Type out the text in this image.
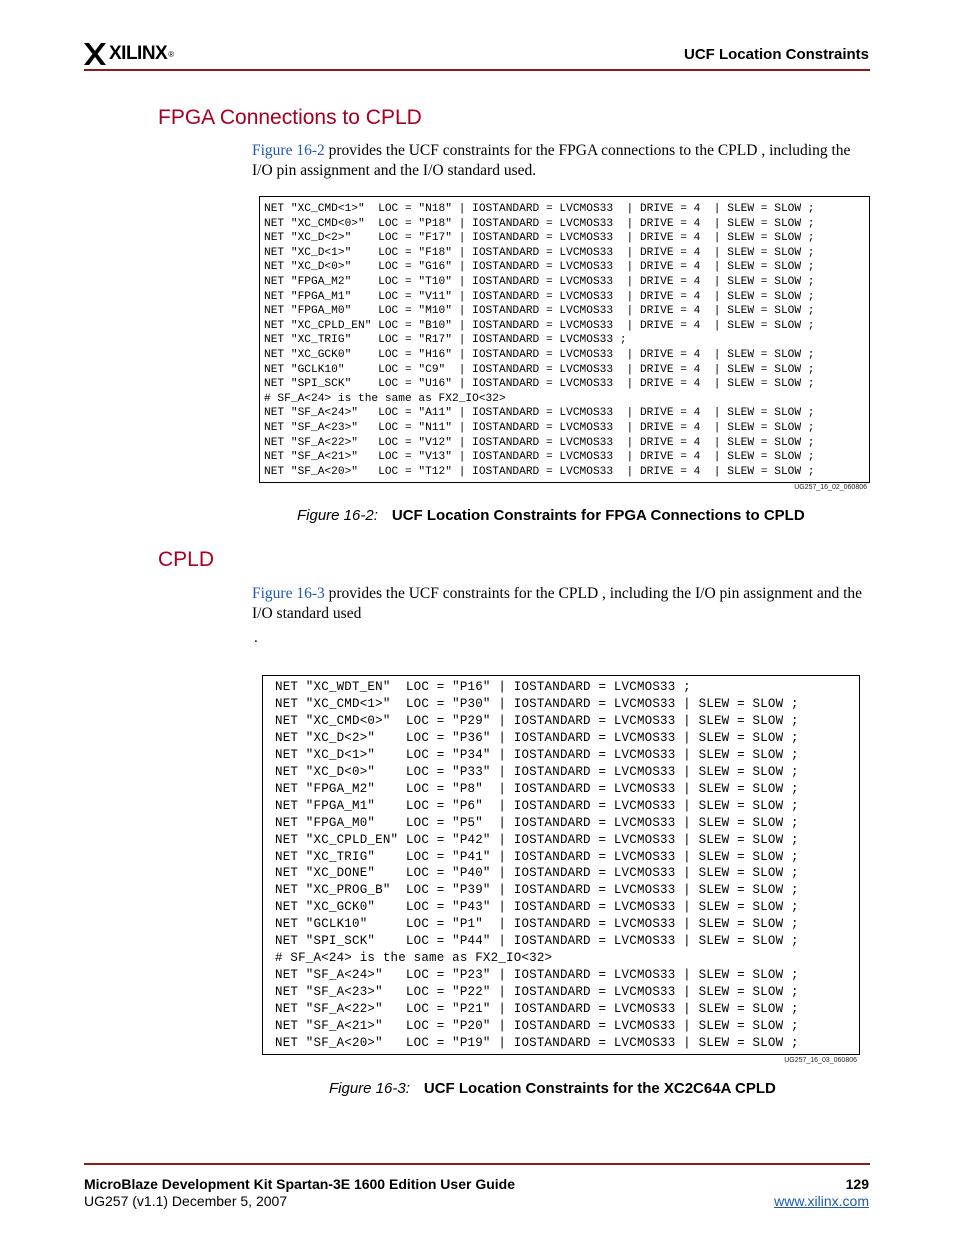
XILINX ®	UCF Location Constraints
FPGA Connections to CPLD
Figure 16-2 provides the UCF constraints for the FPGA connections to the CPLD , including the I/O pin assignment and the I/O standard used.
NET "XC_CMD<1>"  LOC = "N18" | IOSTANDARD = LVCMOS33  | DRIVE = 4  | SLEW = SLOW ;
NET "XC_CMD<0>"  LOC = "P18" | IOSTANDARD = LVCMOS33  | DRIVE = 4  | SLEW = SLOW ;
NET "XC_D<2>"    LOC = "F17" | IOSTANDARD = LVCMOS33  | DRIVE = 4  | SLEW = SLOW ;
NET "XC_D<1>"    LOC = "F18" | IOSTANDARD = LVCMOS33  | DRIVE = 4  | SLEW = SLOW ;
NET "XC_D<0>"    LOC = "G16" | IOSTANDARD = LVCMOS33  | DRIVE = 4  | SLEW = SLOW ;
NET "FPGA_M2"    LOC = "T10" | IOSTANDARD = LVCMOS33  | DRIVE = 4  | SLEW = SLOW ;
NET "FPGA_M1"    LOC = "V11" | IOSTANDARD = LVCMOS33  | DRIVE = 4  | SLEW = SLOW ;
NET "FPGA_M0"    LOC = "M10" | IOSTANDARD = LVCMOS33  | DRIVE = 4  | SLEW = SLOW ;
NET "XC_CPLD_EN" LOC = "B10" | IOSTANDARD = LVCMOS33  | DRIVE = 4  | SLEW = SLOW ;
NET "XC_TRIG"    LOC = "R17" | IOSTANDARD = LVCMOS33 ;
NET "XC_GCK0"    LOC = "H16" | IOSTANDARD = LVCMOS33  | DRIVE = 4  | SLEW = SLOW ;
NET "GCLK10"     LOC = "C9"  | IOSTANDARD = LVCMOS33  | DRIVE = 4  | SLEW = SLOW ;
NET "SPI_SCK"    LOC = "U16" | IOSTANDARD = LVCMOS33  | DRIVE = 4  | SLEW = SLOW ;
# SF_A<24> is the same as FX2_IO<32>
NET "SF_A<24>"   LOC = "A11" | IOSTANDARD = LVCMOS33  | DRIVE = 4  | SLEW = SLOW ;
NET "SF_A<23>"   LOC = "N11" | IOSTANDARD = LVCMOS33  | DRIVE = 4  | SLEW = SLOW ;
NET "SF_A<22>"   LOC = "V12" | IOSTANDARD = LVCMOS33  | DRIVE = 4  | SLEW = SLOW ;
NET "SF_A<21>"   LOC = "V13" | IOSTANDARD = LVCMOS33  | DRIVE = 4  | SLEW = SLOW ;
NET "SF_A<20>"   LOC = "T12" | IOSTANDARD = LVCMOS33  | DRIVE = 4  | SLEW = SLOW ;
UG257_16_02_060806
Figure 16-2: UCF Location Constraints for FPGA Connections to CPLD
CPLD
Figure 16-3 provides the UCF constraints for the CPLD , including the I/O pin assignment and the I/O standard used
.
NET "XC_WDT_EN"  LOC = "P16" | IOSTANDARD = LVCMOS33 ;
NET "XC_CMD<1>"  LOC = "P30" | IOSTANDARD = LVCMOS33 | SLEW = SLOW ;
NET "XC_CMD<0>"  LOC = "P29" | IOSTANDARD = LVCMOS33 | SLEW = SLOW ;
NET "XC_D<2>"    LOC = "P36" | IOSTANDARD = LVCMOS33 | SLEW = SLOW ;
NET "XC_D<1>"    LOC = "P34" | IOSTANDARD = LVCMOS33 | SLEW = SLOW ;
NET "XC_D<0>"    LOC = "P33" | IOSTANDARD = LVCMOS33 | SLEW = SLOW ;
NET "FPGA_M2"    LOC = "P8"  | IOSTANDARD = LVCMOS33 | SLEW = SLOW ;
NET "FPGA_M1"    LOC = "P6"  | IOSTANDARD = LVCMOS33 | SLEW = SLOW ;
NET "FPGA_M0"    LOC = "P5"  | IOSTANDARD = LVCMOS33 | SLEW = SLOW ;
NET "XC_CPLD_EN" LOC = "P42" | IOSTANDARD = LVCMOS33 | SLEW = SLOW ;
NET "XC_TRIG"    LOC = "P41" | IOSTANDARD = LVCMOS33 | SLEW = SLOW ;
NET "XC_DONE"    LOC = "P40" | IOSTANDARD = LVCMOS33 | SLEW = SLOW ;
NET "XC_PROG_B"  LOC = "P39" | IOSTANDARD = LVCMOS33 | SLEW = SLOW ;
NET "XC_GCK0"    LOC = "P43" | IOSTANDARD = LVCMOS33 | SLEW = SLOW ;
NET "GCLK10"     LOC = "P1"  | IOSTANDARD = LVCMOS33 | SLEW = SLOW ;
NET "SPI_SCK"    LOC = "P44" | IOSTANDARD = LVCMOS33 | SLEW = SLOW ;
# SF_A<24> is the same as FX2_IO<32>
NET "SF_A<24>"   LOC = "P23" | IOSTANDARD = LVCMOS33 | SLEW = SLOW ;
NET "SF_A<23>"   LOC = "P22" | IOSTANDARD = LVCMOS33 | SLEW = SLOW ;
NET "SF_A<22>"   LOC = "P21" | IOSTANDARD = LVCMOS33 | SLEW = SLOW ;
NET "SF_A<21>"   LOC = "P20" | IOSTANDARD = LVCMOS33 | SLEW = SLOW ;
NET "SF_A<20>"   LOC = "P19" | IOSTANDARD = LVCMOS33 | SLEW = SLOW ;
UG257_16_03_060806
Figure 16-3: UCF Location Constraints for the XC2C64A CPLD
MicroBlaze Development Kit Spartan-3E 1600 Edition User Guide
UG257 (v1.1) December 5, 2007
129
www.xilinx.com
